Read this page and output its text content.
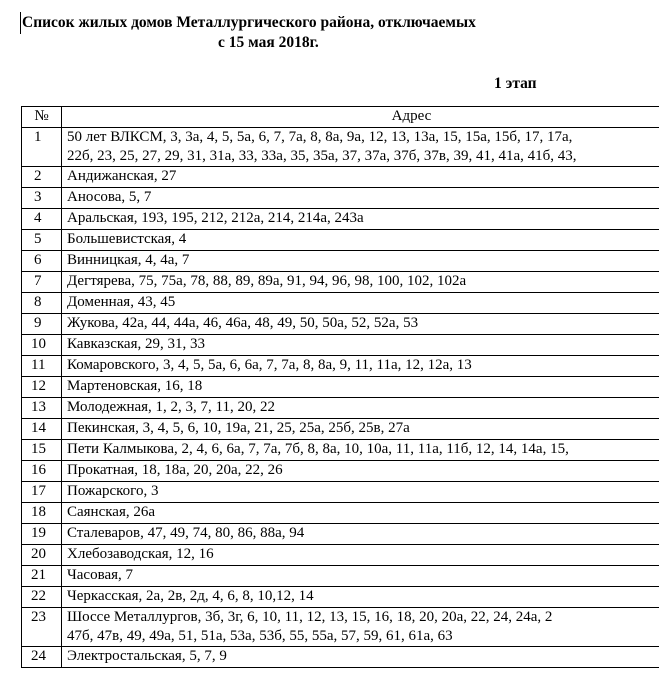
Список жилых домов Металлургического района, отключаемых
с 15 мая 2018г.
1 этап
№	Адрес
1	50 лет ВЛКСМ, 3, 3а, 4, 5, 5а, 6, 7, 7а, 8, 8а, 9а, 12, 13, 13а, 15, 15а, 15б, 17, 17а,
22б, 23, 25, 27, 29, 31, 31а, 33, 33а, 35, 35а, 37, 37а, 37б, 37в, 39, 41, 41а, 41б, 43,

2	Андижанская, 27

3	Аносова, 5, 7

4	Аральская, 193, 195, 212, 212а, 214, 214а, 243а

5	Большевистская, 4

6	Винницкая, 4, 4а, 7

7	Дегтярева, 75, 75а, 78, 88, 89, 89а, 91, 94, 96, 98, 100, 102, 102а

8	Доменная, 43, 45

9	Жукова, 42а, 44, 44а, 46, 46а, 48, 49, 50, 50а, 52, 52а, 53

10	Кавказская, 29, 31, 33

11	Комаровского, 3, 4, 5, 5а, 6, 6а, 7, 7а, 8, 8а, 9, 11, 11а, 12, 12а, 13

12	Мартеновская, 16, 18

13	Молодежная, 1, 2, 3, 7, 11, 20, 22

14	Пекинская, 3, 4, 5, 6, 10, 19а, 21, 25, 25а, 25б, 25в, 27а

15	Пети Калмыкова, 2, 4, 6, 6а, 7, 7а, 7б, 8, 8а, 10, 10а, 11, 11а, 11б, 12, 14, 14а, 15,

16	Прокатная, 18, 18а, 20, 20а, 22, 26

17	Пожарского, 3

18	Саянская, 26а

19	Сталеваров, 47, 49, 74, 80, 86, 88а, 94

20	Хлебозаводская, 12, 16

21	Часовая, 7

22	Черкасская, 2а, 2в, 2д, 4, 6, 8, 10,12, 14

23	Шоссе Металлургов, 3б, 3г, 6, 10, 11, 12, 13, 15, 16, 18, 20, 20а, 22, 24, 24а, 2
47б, 47в, 49, 49а, 51, 51а, 53а, 53б, 55, 55а, 57, 59, 61, 61а, 63

24	Электростальская, 5, 7, 9
